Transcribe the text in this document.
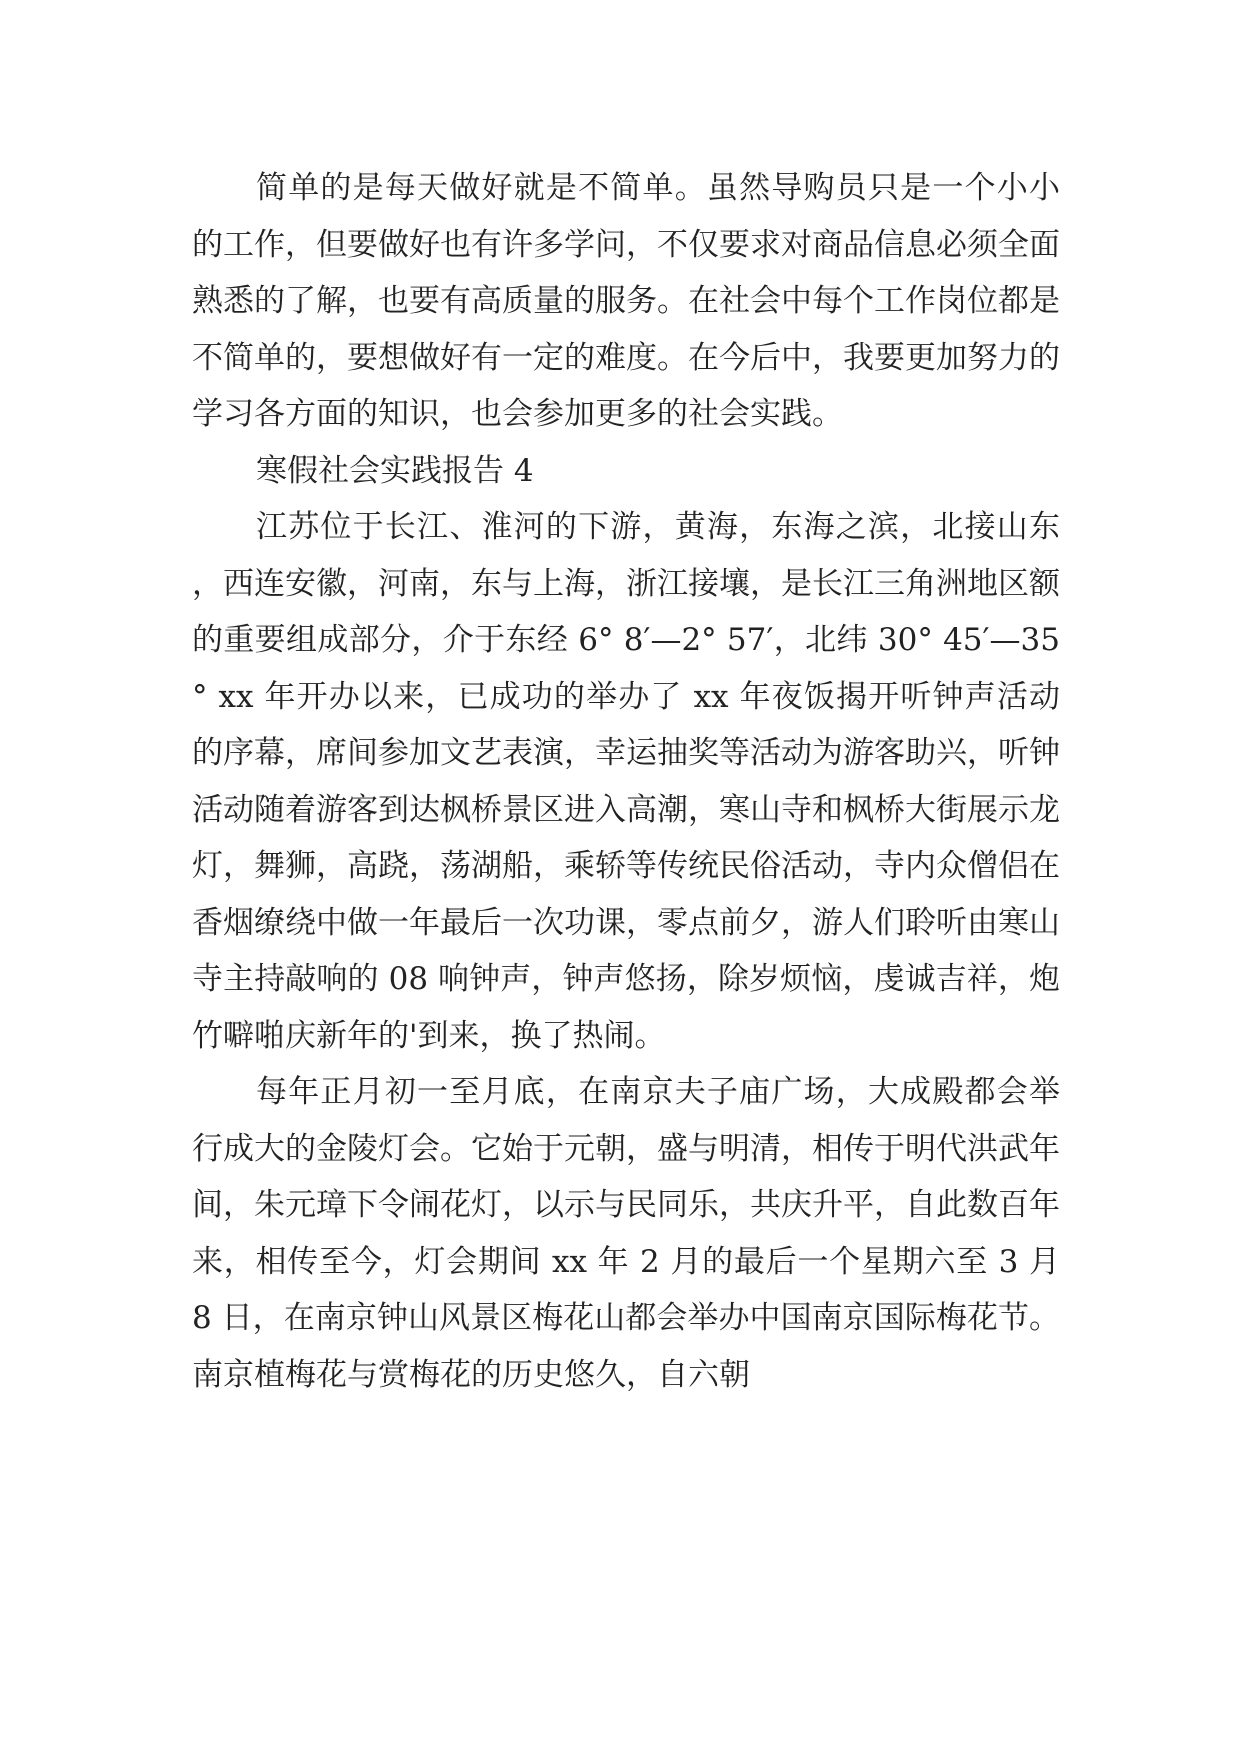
简单的是每天做好就是不简单。虽然导购员只是一个小小的工作，但要做好也有许多学问，不仅要求对商品信息必须全面熟悉的了解，也要有高质量的服务。在社会中每个工作岗位都是不简单的，要想做好有一定的难度。在今后中，我要更加努力的学习各方面的知识，也会参加更多的社会实践。

寒假社会实践报告 4

江苏位于长江、淮河的下游，黄海，东海之滨，北接山东，西连安徽，河南，东与上海，浙江接壤，是长江三角洲地区额的重要组成部分，介于东经 6° 8′—2° 57′，北纬 30° 45′—35° xx 年开办以来，已成功的举办了 xx 年夜饭揭开听钟声活动的序幕，席间参加文艺表演，幸运抽奖等活动为游客助兴，听钟活动随着游客到达枫桥景区进入高潮，寒山寺和枫桥大街展示龙灯，舞狮，高跷，荡湖船，乘轿等传统民俗活动，寺内众僧侣在香烟缭绕中做一年最后一次功课，零点前夕，游人们聆听由寒山寺主持敲响的 08 响钟声，钟声悠扬，除岁烦恼，虔诚吉祥，炮竹噼啪庆新年的'到来，换了热闹。

每年正月初一至月底，在南京夫子庙广场，大成殿都会举行成大的金陵灯会。它始于元朝，盛与明清，相传于明代洪武年间，朱元璋下令闹花灯，以示与民同乐，共庆升平，自此数百年来，相传至今，灯会期间 xx 年 2 月的最后一个星期六至 3 月 8 日，在南京钟山风景区梅花山都会举办中国南京国际梅花节。南京植梅花与赏梅花的历史悠久，自六朝
